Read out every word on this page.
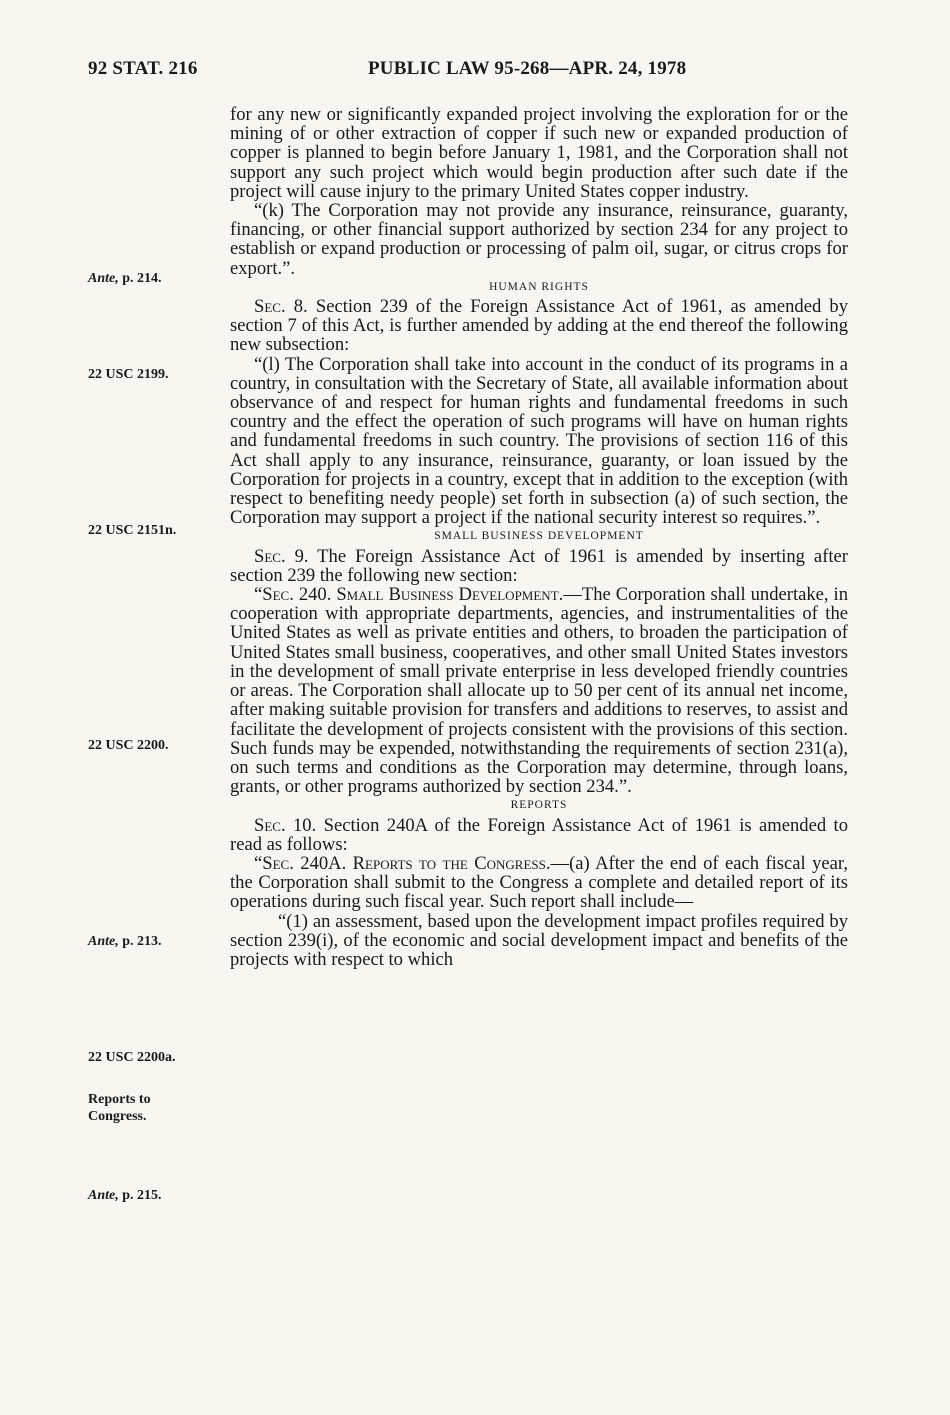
92 STAT. 216	PUBLIC LAW 95-268—APR. 24, 1978
Ante, p. 214.
22 USC 2199.
22 USC 2151n.
22 USC 2200.
Ante, p. 213.
22 USC 2200a.
Reports to
Congress.
Ante, p. 215.

for any new or significantly expanded project involving the exploration for or the mining of or other extraction of copper if such new or expanded production of copper is planned to begin before January 1, 1981, and the Corporation shall not support any such project which would begin production after such date if the project will cause injury to the primary United States copper industry.

“(k) The Corporation may not provide any insurance, reinsurance, guaranty, financing, or other financial support authorized by section 234 for any project to establish or expand production or processing of palm oil, sugar, or citrus crops for export.”.

HUMAN RIGHTS

Sec. 8. Section 239 of the Foreign Assistance Act of 1961, as amended by section 7 of this Act, is further amended by adding at the end thereof the following new subsection:

“(l) The Corporation shall take into account in the conduct of its programs in a country, in consultation with the Secretary of State, all available information about observance of and respect for human rights and fundamental freedoms in such country and the effect the operation of such programs will have on human rights and fundamental freedoms in such country. The provisions of section 116 of this Act shall apply to any insurance, reinsurance, guaranty, or loan issued by the Corporation for projects in a country, except that in addition to the exception (with respect to benefiting needy people) set forth in subsection (a) of such section, the Corporation may support a project if the national security interest so requires.”.

SMALL BUSINESS DEVELOPMENT

Sec. 9. The Foreign Assistance Act of 1961 is amended by inserting after section 239 the following new section:

“Sec. 240. Small Business Development.—The Corporation shall undertake, in cooperation with appropriate departments, agencies, and instrumentalities of the United States as well as private entities and others, to broaden the participation of United States small business, cooperatives, and other small United States investors in the development of small private enterprise in less developed friendly countries or areas. The Corporation shall allocate up to 50 per cent of its annual net income, after making suitable provision for transfers and additions to reserves, to assist and facilitate the development of projects consistent with the provisions of this section. Such funds may be expended, notwithstanding the requirements of section 231(a), on such terms and conditions as the Corporation may determine, through loans, grants, or other programs authorized by section 234.”.

REPORTS

Sec. 10. Section 240A of the Foreign Assistance Act of 1961 is amended to read as follows:

“Sec. 240A. Reports to the Congress.—(a) After the end of each fiscal year, the Corporation shall submit to the Congress a complete and detailed report of its operations during such fiscal year. Such report shall include—

“(1) an assessment, based upon the development impact profiles required by section 239(i), of the economic and social development impact and benefits of the projects with respect to which
